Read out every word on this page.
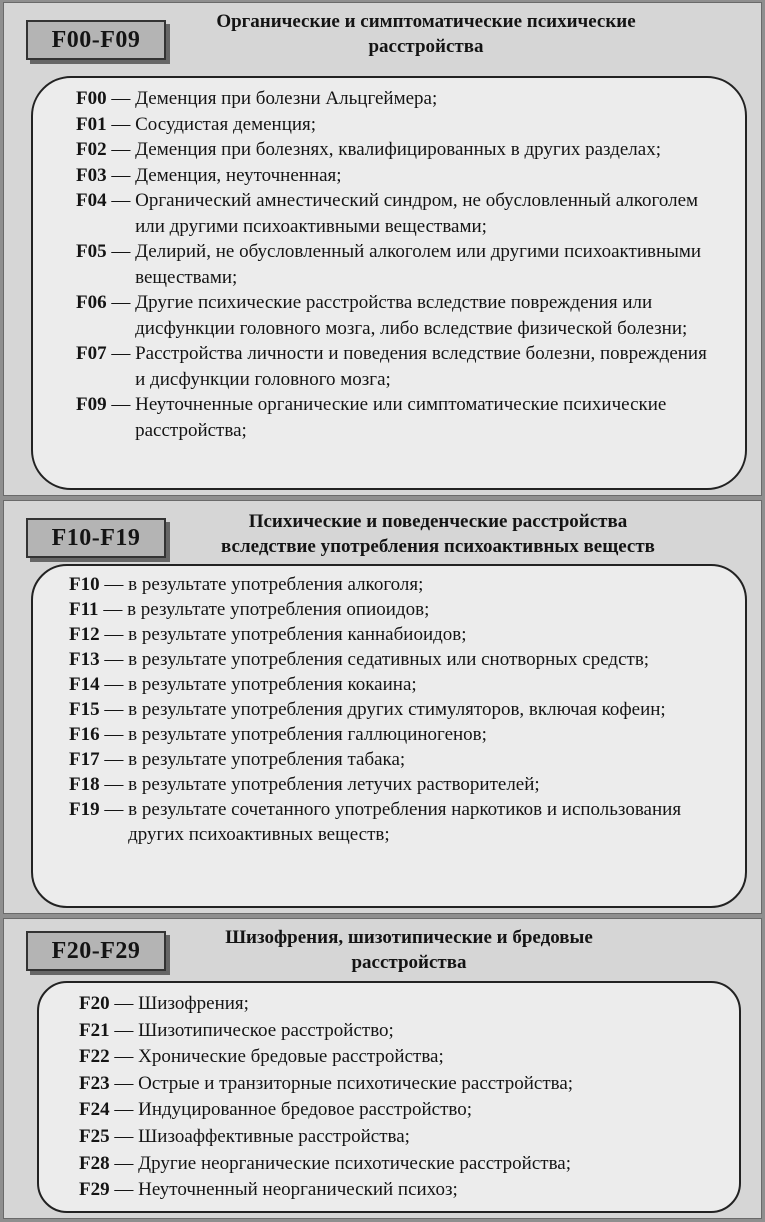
F00-F09
Органические и симптоматические психические
расстройства
F00 — Деменция при болезни Альцгеймера;
F01 — Сосудистая деменция;
F02 — Деменция при болезнях, квалифицированных в других разделах;
F03 — Деменция, неуточненная;
F04 — Органический амнестический синдром, не обусловленный алкоголем или другими психоактивными веществами;
F05 — Делирий, не обусловленный алкоголем или другими психоактивными веществами;
F06 — Другие психические расстройства вследствие повреждения или дисфункции головного мозга, либо вследствие физической болезни;
F07 — Расстройства личности и поведения вследствие болезни, повреждения и дисфункции головного мозга;
F09 — Неуточненные органические или симптоматические психические расстройства;
F10-F19
Психические и поведенческие расстройства
вследствие употребления психоактивных веществ
F10 — в результате употребления алкоголя;
F11 — в результате употребления опиоидов;
F12 — в результате употребления каннабиоидов;
F13 — в результате употребления седативных или снотворных средств;
F14 — в результате употребления кокаина;
F15 — в результате употребления других стимуляторов, включая кофеин;
F16 — в результате употребления галлюциногенов;
F17 — в результате употребления табака;
F18 — в результате употребления летучих растворителей;
F19 — в результате сочетанного употребления наркотиков и использования других психоактивных веществ;
F20-F29	Шизофрения, шизотипические и бредовые
расстройства
F20 — Шизофрения;
F21 — Шизотипическое расстройство;
F22 — Хронические бредовые расстройства;
F23 — Острые и транзиторные психотические расстройства;
F24 — Индуцированное бредовое расстройство;
F25 — Шизоаффективные расстройства;
F28 — Другие неорганические психотические расстройства;
F29 — Неуточненный неорганический психоз;
